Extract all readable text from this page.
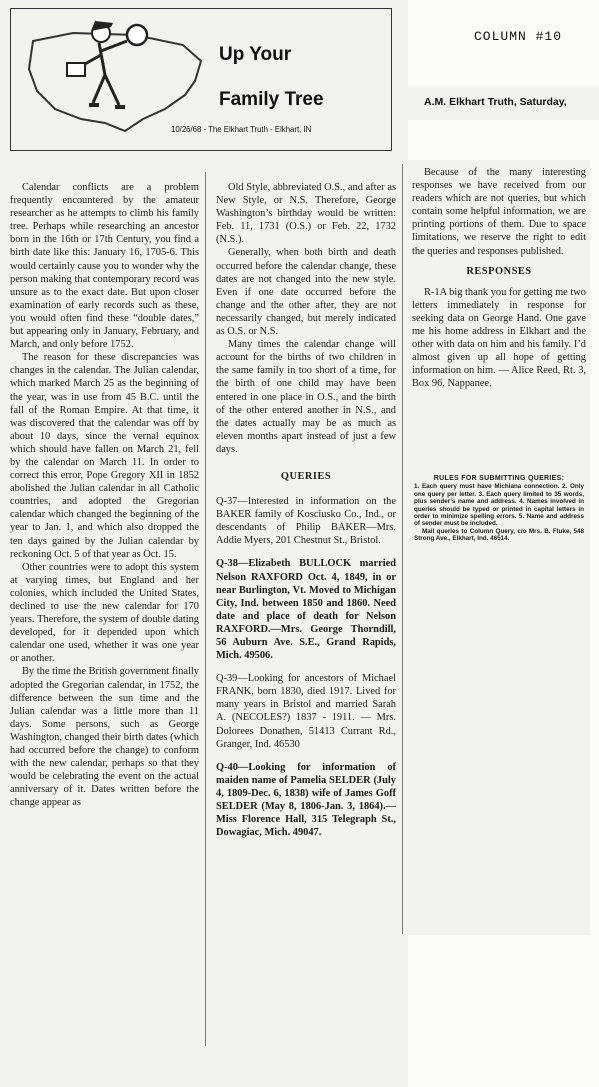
COLUMN #10
Up Your
Family Tree
10/26/68 - The Elkhart Truth - Elkhart, IN
A.M. Elkhart Truth, Saturday,

Calendar conflicts are a problem frequently encountered by the amateur researcher as he attempts to climb his family tree. Perhaps while researching an ancestor born in the 16th or 17th Century, you find a birth date like this: January 16, 1705-6. This would certainly cause you to wonder why the person making that contemporary record was unsure as to the exact date. But upon closer examination of early records such as these, you would often find these “double dates,” but appearing only in January, February, and March, and only before 1752.

The reason for these discrepancies was changes in the calendar. The Julian calendar, which marked March 25 as the beginning of the year, was in use from 45 B.C. until the fall of the Roman Empire. At that time, it was discovered that the calendar was off by about 10 days, since the vernal equinox which should have fallen on March 21, fell by the calendar on March 11. In order to correct this error, Pope Gregory XII in 1852 abolished the Julian calendar in all Catholic countries, and adopted the Gregorian calendar which changed the beginning of the year to Jan. 1, and which also dropped the ten days gained by the Julian calendar by reckoning Oct. 5 of that year as Oct. 15.

Other countries were to adopt this system at varying times, but England and her colonies, which included the United States, declined to use the new calendar for 170 years. Therefore, the system of double dating developed, for it depended upon which calendar one used, whether it was one year or another.

By the time the British government finally adopted the Gregorian calendar, in 1752, the difference between the sun time and the Julian calendar was a little more than 11 days. Some persons, such as George Washington, changed their birth dates (which had occurred before the change) to conform with the new calendar, perhaps so that they would be celebrating the event on the actual anniversary of it. Dates written before the change appear as

Old Style, abbreviated O.S., and after as New Style, or N.S. Therefore, George Washington’s birthday would be written: Feb. 11, 1731 (O.S.) or Feb. 22, 1732 (N.S.).

Generally, when both birth and death occurred before the calendar change, these dates are not changed into the new style. Even if one date occurred before the change and the other after, they are not necessarily changed, but merely indicated as O.S. or N.S.

Many times the calendar change will account for the births of two children in the same family in too short of a time, for the birth of one child may have been entered in one place in O.S., and the birth of the other entered another in N.S., and the dates actually may be as much as eleven months apart instead of just a few days.

QUERIES

Q-37—Interested in information on the BAKER family of Kosciusko Co., Ind., or descendants of Philip BAKER—Mrs. Addie Myers, 201 Chestnut St., Bristol.

Q-38—Elizabeth BULLOCK married Nelson RAXFORD Oct. 4, 1849, in or near Burlington, Vt. Moved to Michigan City, Ind. between 1850 and 1860. Need date and place of death for Nelson RAXFORD.—Mrs. George Thorndill, 56 Auburn Ave. S.E., Grand Rapids, Mich. 49506.

Q-39—Looking for ancestors of Michael FRANK, born 1830, died 1917. Lived for many years in Bristol and married Sarah A. (NECOLES?) 1837 - 1911. — Mrs. Dolorees Donathen, 51413 Currant Rd., Granger, Ind. 46530

Q-40—Looking for information of maiden name of Pamelia SELDER (July 4, 1809-Dec. 6, 1838) wife of James Goff SELDER (May 8, 1806-Jan. 3, 1864).—Miss Florence Hall, 315 Telegraph St., Dowagiac, Mich. 49047.

Because of the many interesting responses we have received from our readers which are not queries, but which contain some helpful information, we are printing portions of them. Due to space limitations, we reserve the right to edit the queries and responses published.

RESPONSES

R-1A big thank you for getting me two letters immediately in response for seeking data on George Hand. One gave me his home address in Elkhart and the other with data on him and his family. I’d almost given up all hope of getting information on him. — Alice Reed, Rt. 3, Box 96, Nappanee.

RULES FOR SUBMITTING QUERIES:
1. Each query must have Michiana connection. 2. Only one query per letter. 3. Each query limited to 35 words, plus sender’s name and address. 4. Names involved in queries should be typed or printed in capital letters in order to minimize spelling errors. 5. Name and address of sender must be included.
Mail queries to Column Query, c/o Mrs. B. Fluke, 548 Strong Ave., Elkhart, Ind. 46514.
